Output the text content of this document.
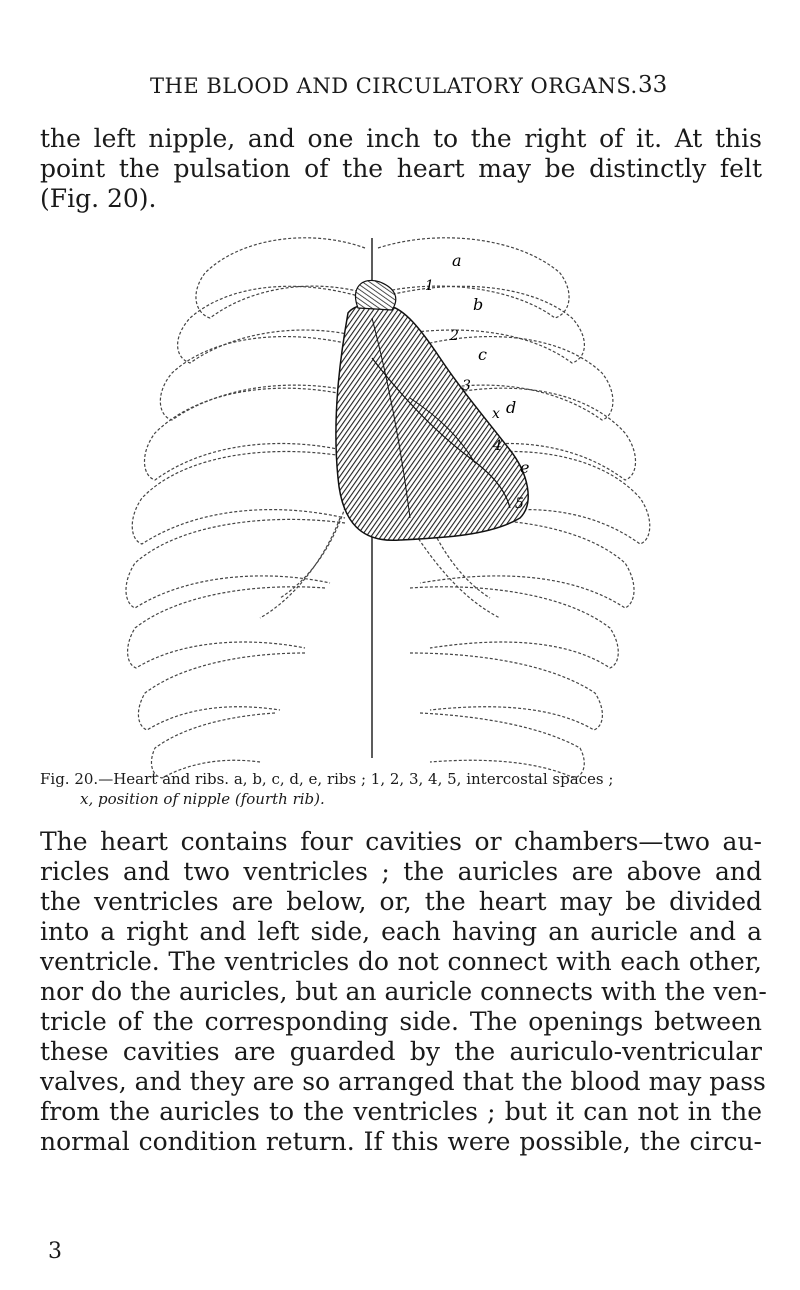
THE BLOOD AND CIRCULATORY ORGANS. 33
the left nipple, and one inch to the right of it. At this
point the pulsation of the heart may be distinctly felt
(Fig. 20).
a
1
b
2
c
3
x d
4
e
5
Fig. 20.—Heart and ribs. a, b, c, d, e, ribs ; 1, 2, 3, 4, 5, intercostal spaces ;
x, position of nipple (fourth rib).
The heart contains four cavities or chambers—two au-
ricles and two ventricles ; the auricles are above and
the ventricles are below, or, the heart may be divided
into a right and left side, each having an auricle and a
ventricle. The ventricles do not connect with each other,
nor do the auricles, but an auricle connects with the ven-
tricle of the corresponding side. The openings between
these cavities are guarded by the auriculo-ventricular
valves, and they are so arranged that the blood may pass
from the auricles to the ventricles ; but it can not in the
normal condition return. If this were possible, the circu-
3
